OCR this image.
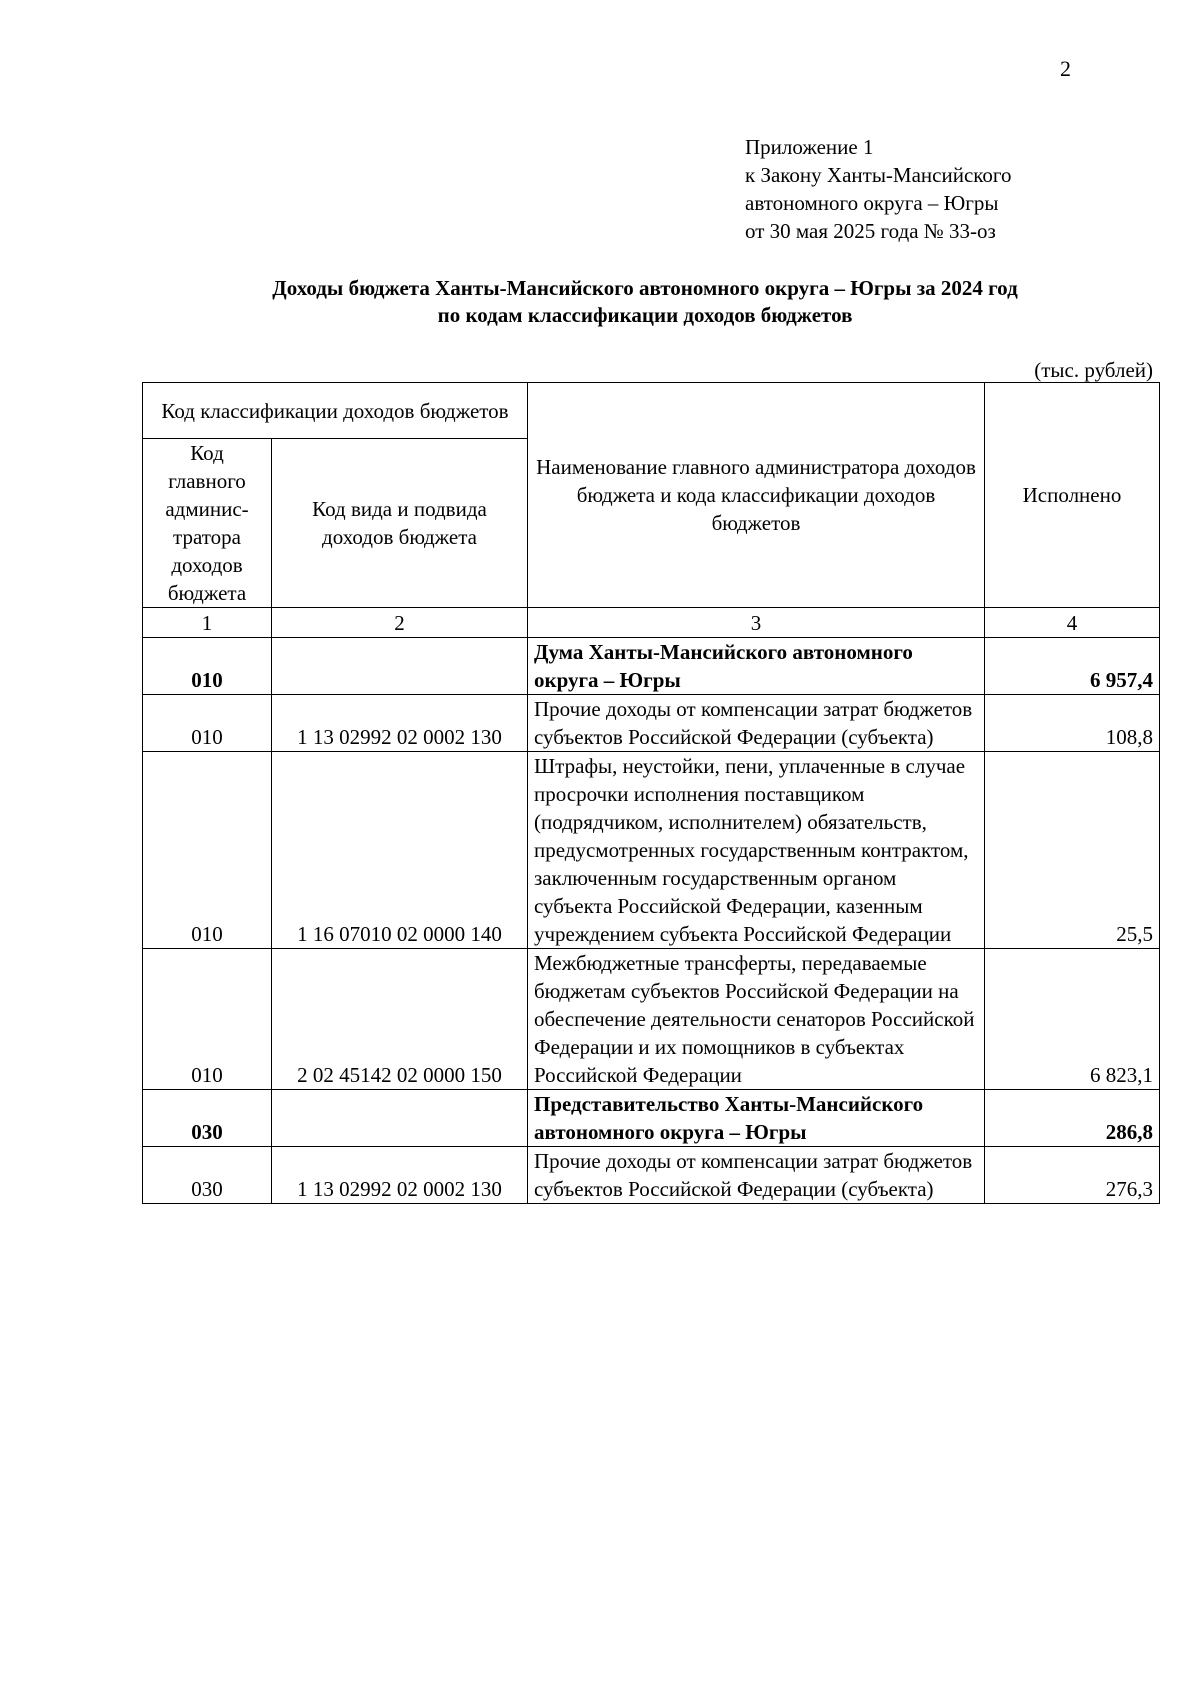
2
Приложение 1
к Закону Ханты-Мансийского
автономного округа – Югры
от 30 мая 2025 года № 33-оз
Доходы бюджета Ханты-Мансийского автономного округа – Югры за 2024 год
по кодам классификации доходов бюджетов
(тыс. рублей)
Код классификации доходов бюджетов		Наименование главного администратора доходов бюджета и кода классификации доходов бюджетов	Исполнено
Код главного админис-тратора доходов бюджета	Код вида и подвида доходов бюджета		
1	2	3	4
010		Дума Ханты-Мансийского автономного округа – Югры	6 957,4
010	1 13 02992 02 0002 130	Прочие доходы от компенсации затрат бюджетов субъектов Российской Федерации (субъекта)	108,8
010	1 16 07010 02 0000 140	Штрафы, неустойки, пени, уплаченные в случае просрочки исполнения поставщиком (подрядчиком, исполнителем) обязательств, предусмотренных государственным контрактом, заключенным государственным органом субъекта Российской Федерации, казенным учреждением субъекта Российской Федерации	25,5
010	2 02 45142 02 0000 150	Межбюджетные трансферты, передаваемые бюджетам субъектов Российской Федерации на обеспечение деятельности сенаторов Российской Федерации и их помощников в субъектах Российской Федерации	6 823,1
030		Представительство Ханты-Мансийского автономного округа – Югры	286,8
030	1 13 02992 02 0002 130	Прочие доходы от компенсации затрат бюджетов субъектов Российской Федерации (субъекта)	276,3
